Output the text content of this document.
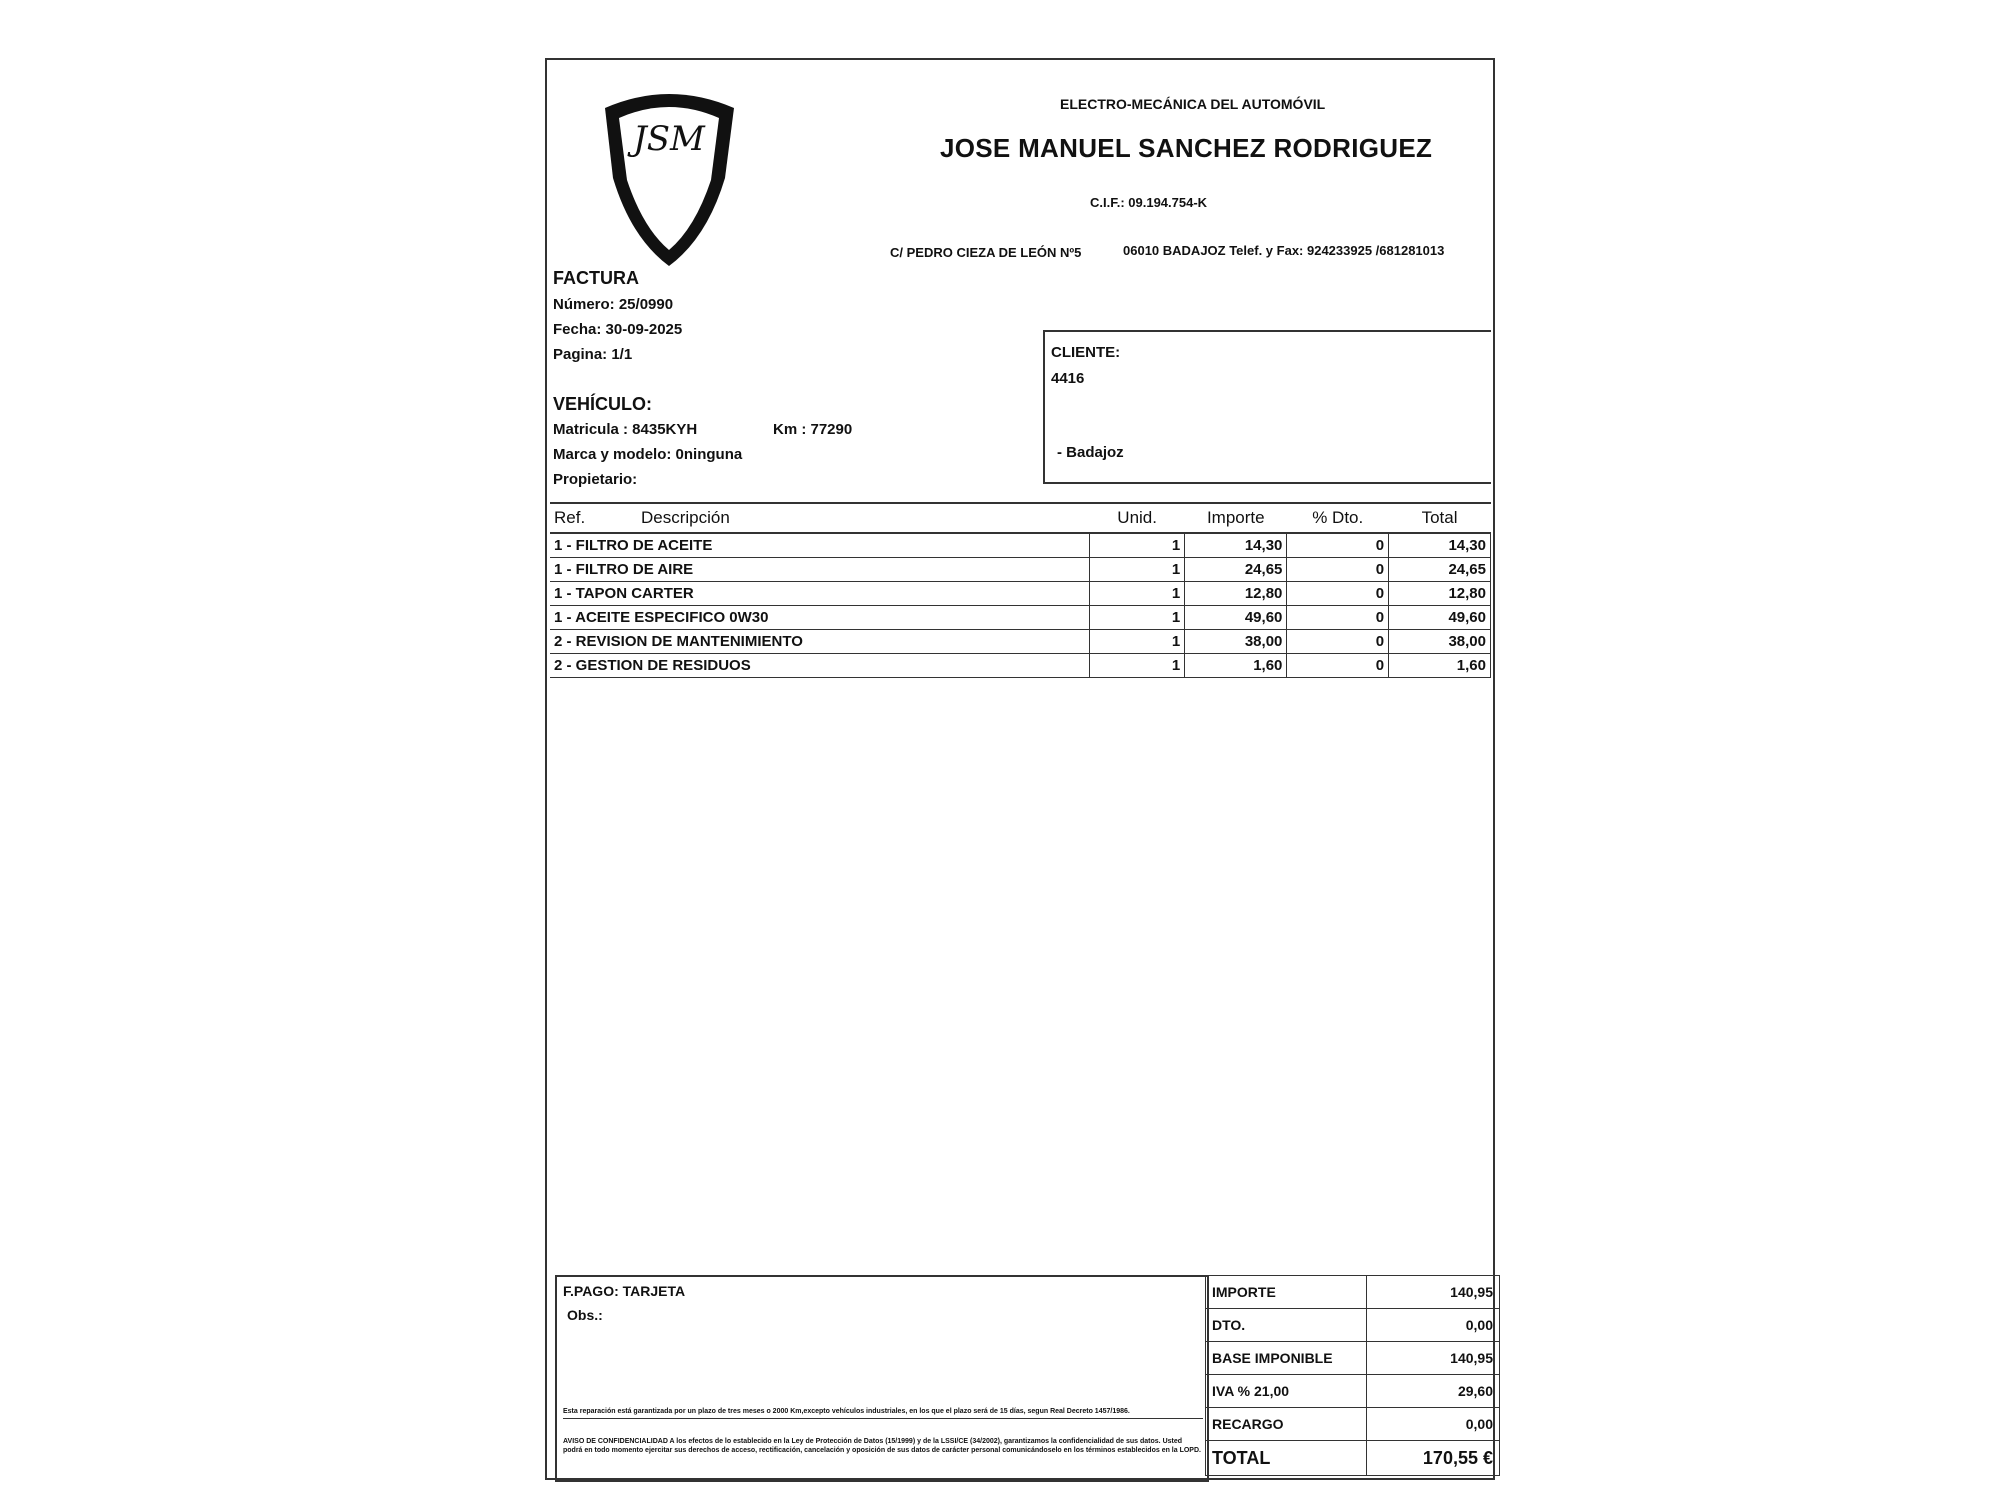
JSM
ELECTRO-MECÁNICA DEL AUTOMÓVIL
JOSE MANUEL SANCHEZ RODRIGUEZ
C.I.F.: 09.194.754-K
C/ PEDRO CIEZA DE LEÓN Nº5	06010 BADAJOZ Telef. y Fax: 924233925 /681281013
FACTURA
Número: 25/0990
Fecha: 30-09-2025
Pagina: 1/1
VEHÍCULO:
Matricula : 8435KYH	Km : 77290
Marca y modelo: 0ninguna
Propietario:
CLIENTE:
4416
- Badajoz
Ref.	Descripción	Unid.	Importe	% Dto.	Total
1 - FILTRO DE ACEITE		1	14,30	0	14,30
1 - FILTRO DE AIRE		1	24,65	0	24,65
1 - TAPON CARTER		1	12,80	0	12,80
1 - ACEITE ESPECIFICO 0W30		1	49,60	0	49,60
2 - REVISION DE MANTENIMIENTO		1	38,00	0	38,00
2 - GESTION DE RESIDUOS		1	1,60	0	1,60
F.PAGO: TARJETA
Obs.:
Esta reparación está garantizada por un plazo de tres meses o 2000 Km,excepto vehículos industriales, en los que el plazo será de 15 días, segun Real Decreto 1457/1986.
AVISO DE CONFIDENCIALIDAD A los efectos de lo establecido en la Ley de Protección de Datos (15/1999) y de la LSSI/CE (34/2002), garantizamos la confidencialidad de sus datos. Usted podrá en todo momento ejercitar sus derechos de acceso, rectificación, cancelación y oposición de sus datos de carácter personal comunicándoselo en los términos establecidos en la LOPD.
IMPORTE	140,95
DTO.	0,00
BASE IMPONIBLE	140,95
IVA % 21,00	29,60
RECARGO	0,00
TOTAL	170,55 €
